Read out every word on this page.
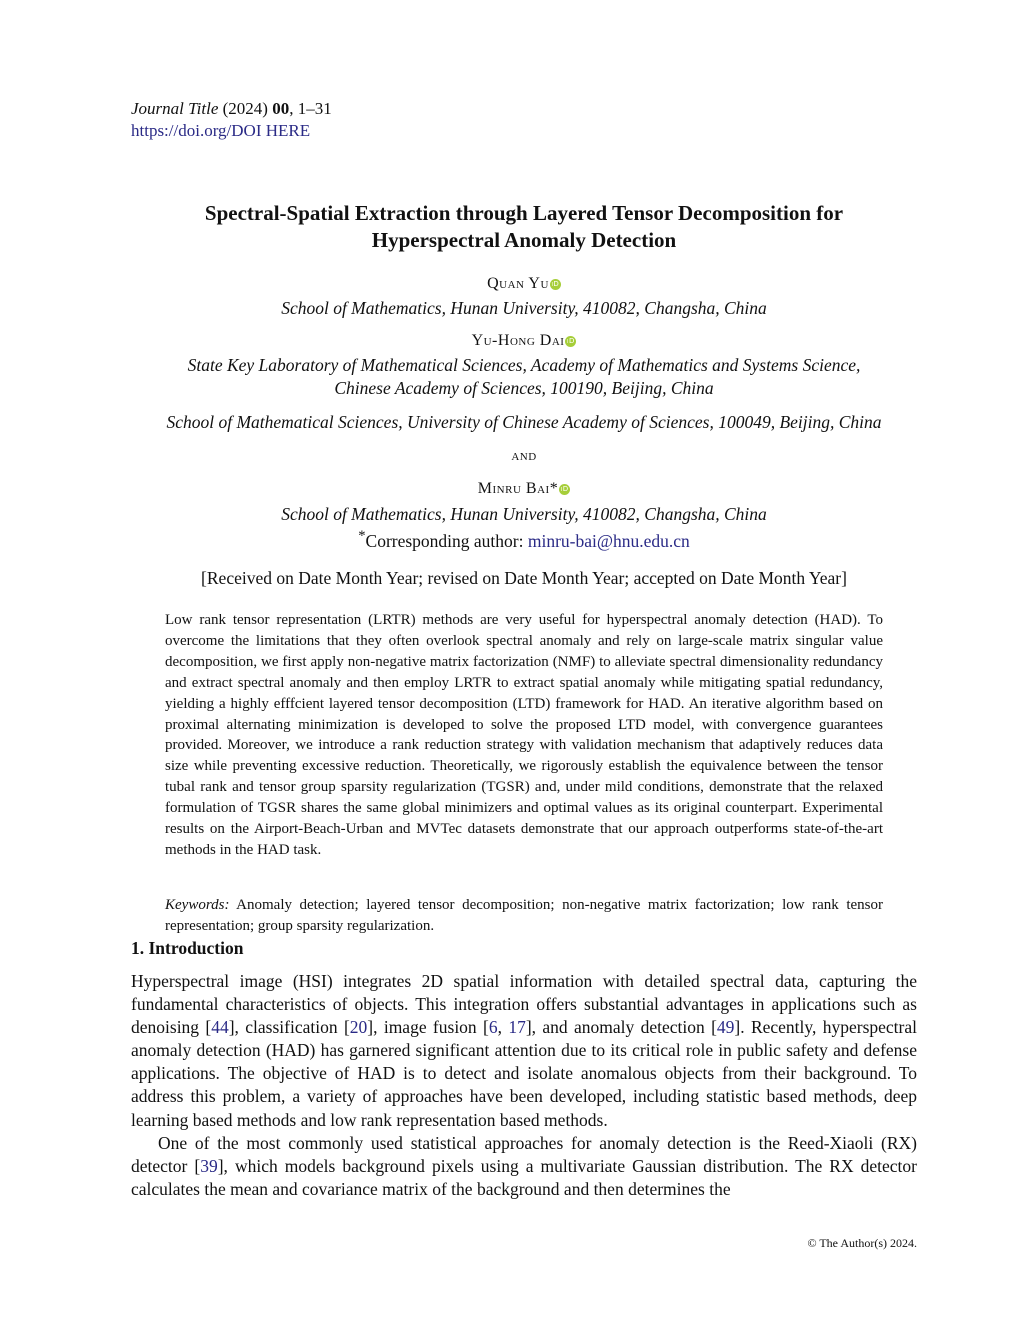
Journal Title (2024) 00, 1–31
https://doi.org/DOI HERE
Spectral-Spatial Extraction through Layered Tensor Decomposition for
Hyperspectral Anomaly Detection
Quan Yu iD
School of Mathematics, Hunan University, 410082, Changsha, China
Yu-Hong Dai iD
State Key Laboratory of Mathematical Sciences, Academy of Mathematics and Systems Science,
Chinese Academy of Sciences, 100190, Beijing, China
School of Mathematical Sciences, University of Chinese Academy of Sciences, 100049, Beijing, China
and
Minru Bai* iD
School of Mathematics, Hunan University, 410082, Changsha, China
*Corresponding author: minru-bai@hnu.edu.cn
[Received on Date Month Year; revised on Date Month Year; accepted on Date Month Year]
Low rank tensor representation (LRTR) methods are very useful for hyperspectral anomaly detection (HAD). To overcome the limitations that they often overlook spectral anomaly and rely on large-scale matrix singular value decomposition, we first apply non-negative matrix factorization (NMF) to alleviate spectral dimensionality redundancy and extract spectral anomaly and then employ LRTR to extract spatial anomaly while mitigating spatial redundancy, yielding a highly efffcient layered tensor decomposition (LTD) framework for HAD. An iterative algorithm based on proximal alternating minimization is developed to solve the proposed LTD model, with convergence guarantees provided. Moreover, we introduce a rank reduction strategy with validation mechanism that adaptively reduces data size while preventing excessive reduction. Theoretically, we rigorously establish the equivalence between the tensor tubal rank and tensor group sparsity regularization (TGSR) and, under mild conditions, demonstrate that the relaxed formulation of TGSR shares the same global minimizers and optimal values as its original counterpart. Experimental results on the Airport-Beach-Urban and MVTec datasets demonstrate that our approach outperforms state-of-the-art methods in the HAD task.
Keywords: Anomaly detection; layered tensor decomposition; non-negative matrix factorization; low rank tensor representation; group sparsity regularization.
1. Introduction

Hyperspectral image (HSI) integrates 2D spatial information with detailed spectral data, capturing the fundamental characteristics of objects. This integration offers substantial advantages in applications such as denoising [44], classification [20], image fusion [6, 17], and anomaly detection [49]. Recently, hyperspectral anomaly detection (HAD) has garnered significant attention due to its critical role in public safety and defense applications. The objective of HAD is to detect and isolate anomalous objects from their background. To address this problem, a variety of approaches have been developed, including statistic based methods, deep learning based methods and low rank representation based methods.

One of the most commonly used statistical approaches for anomaly detection is the Reed-Xiaoli (RX) detector [39], which models background pixels using a multivariate Gaussian distribution. The RX detector calculates the mean and covariance matrix of the background and then determines the

© The Author(s) 2024.
